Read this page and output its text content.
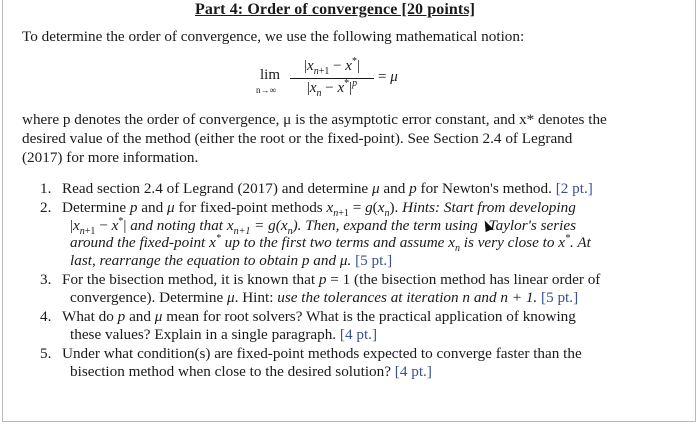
Part 4: Order of convergence [20 points]
To determine the order of convergence, we use the following mathematical notion:
lim
n→∞
$|x_{n+1} - x^*|$
$|x_n - x^*|^p$	= μ
where p denotes the order of convergence, μ is the asymptotic error constant, and x* denotes the
desired value of the method (either the root or the fixed-point). See Section 2.4 of Legrand
(2017) for more information.
1. Read section 2.4 of Legrand (2017) and determine μ and p for Newton's method. [2 pt.]
2. Determine p and μ for fixed-point methods $x_{n+1} = g(x_n)$. Hints: Start from developing
$|x_{n+1} - x^*|$ and noting that $x_{n+1} = g(x_n)$. Then, expand the term using Taylor's series
around the fixed-point x* up to the first two terms and assume $x_n$ is very close to x*. At
last, rearrange the equation to obtain p and μ. [5 pt.]
3. For the bisection method, it is known that p = 1 (the bisection method has linear order of
convergence). Determine μ. Hint: use the tolerances at iteration n and n + 1. [5 pt.]
4. What do p and μ mean for root solvers? What is the practical application of knowing
these values? Explain in a single paragraph. [4 pt.]
5. Under what condition(s) are fixed-point methods expected to converge faster than the
bisection method when close to the desired solution? [4 pt.]
